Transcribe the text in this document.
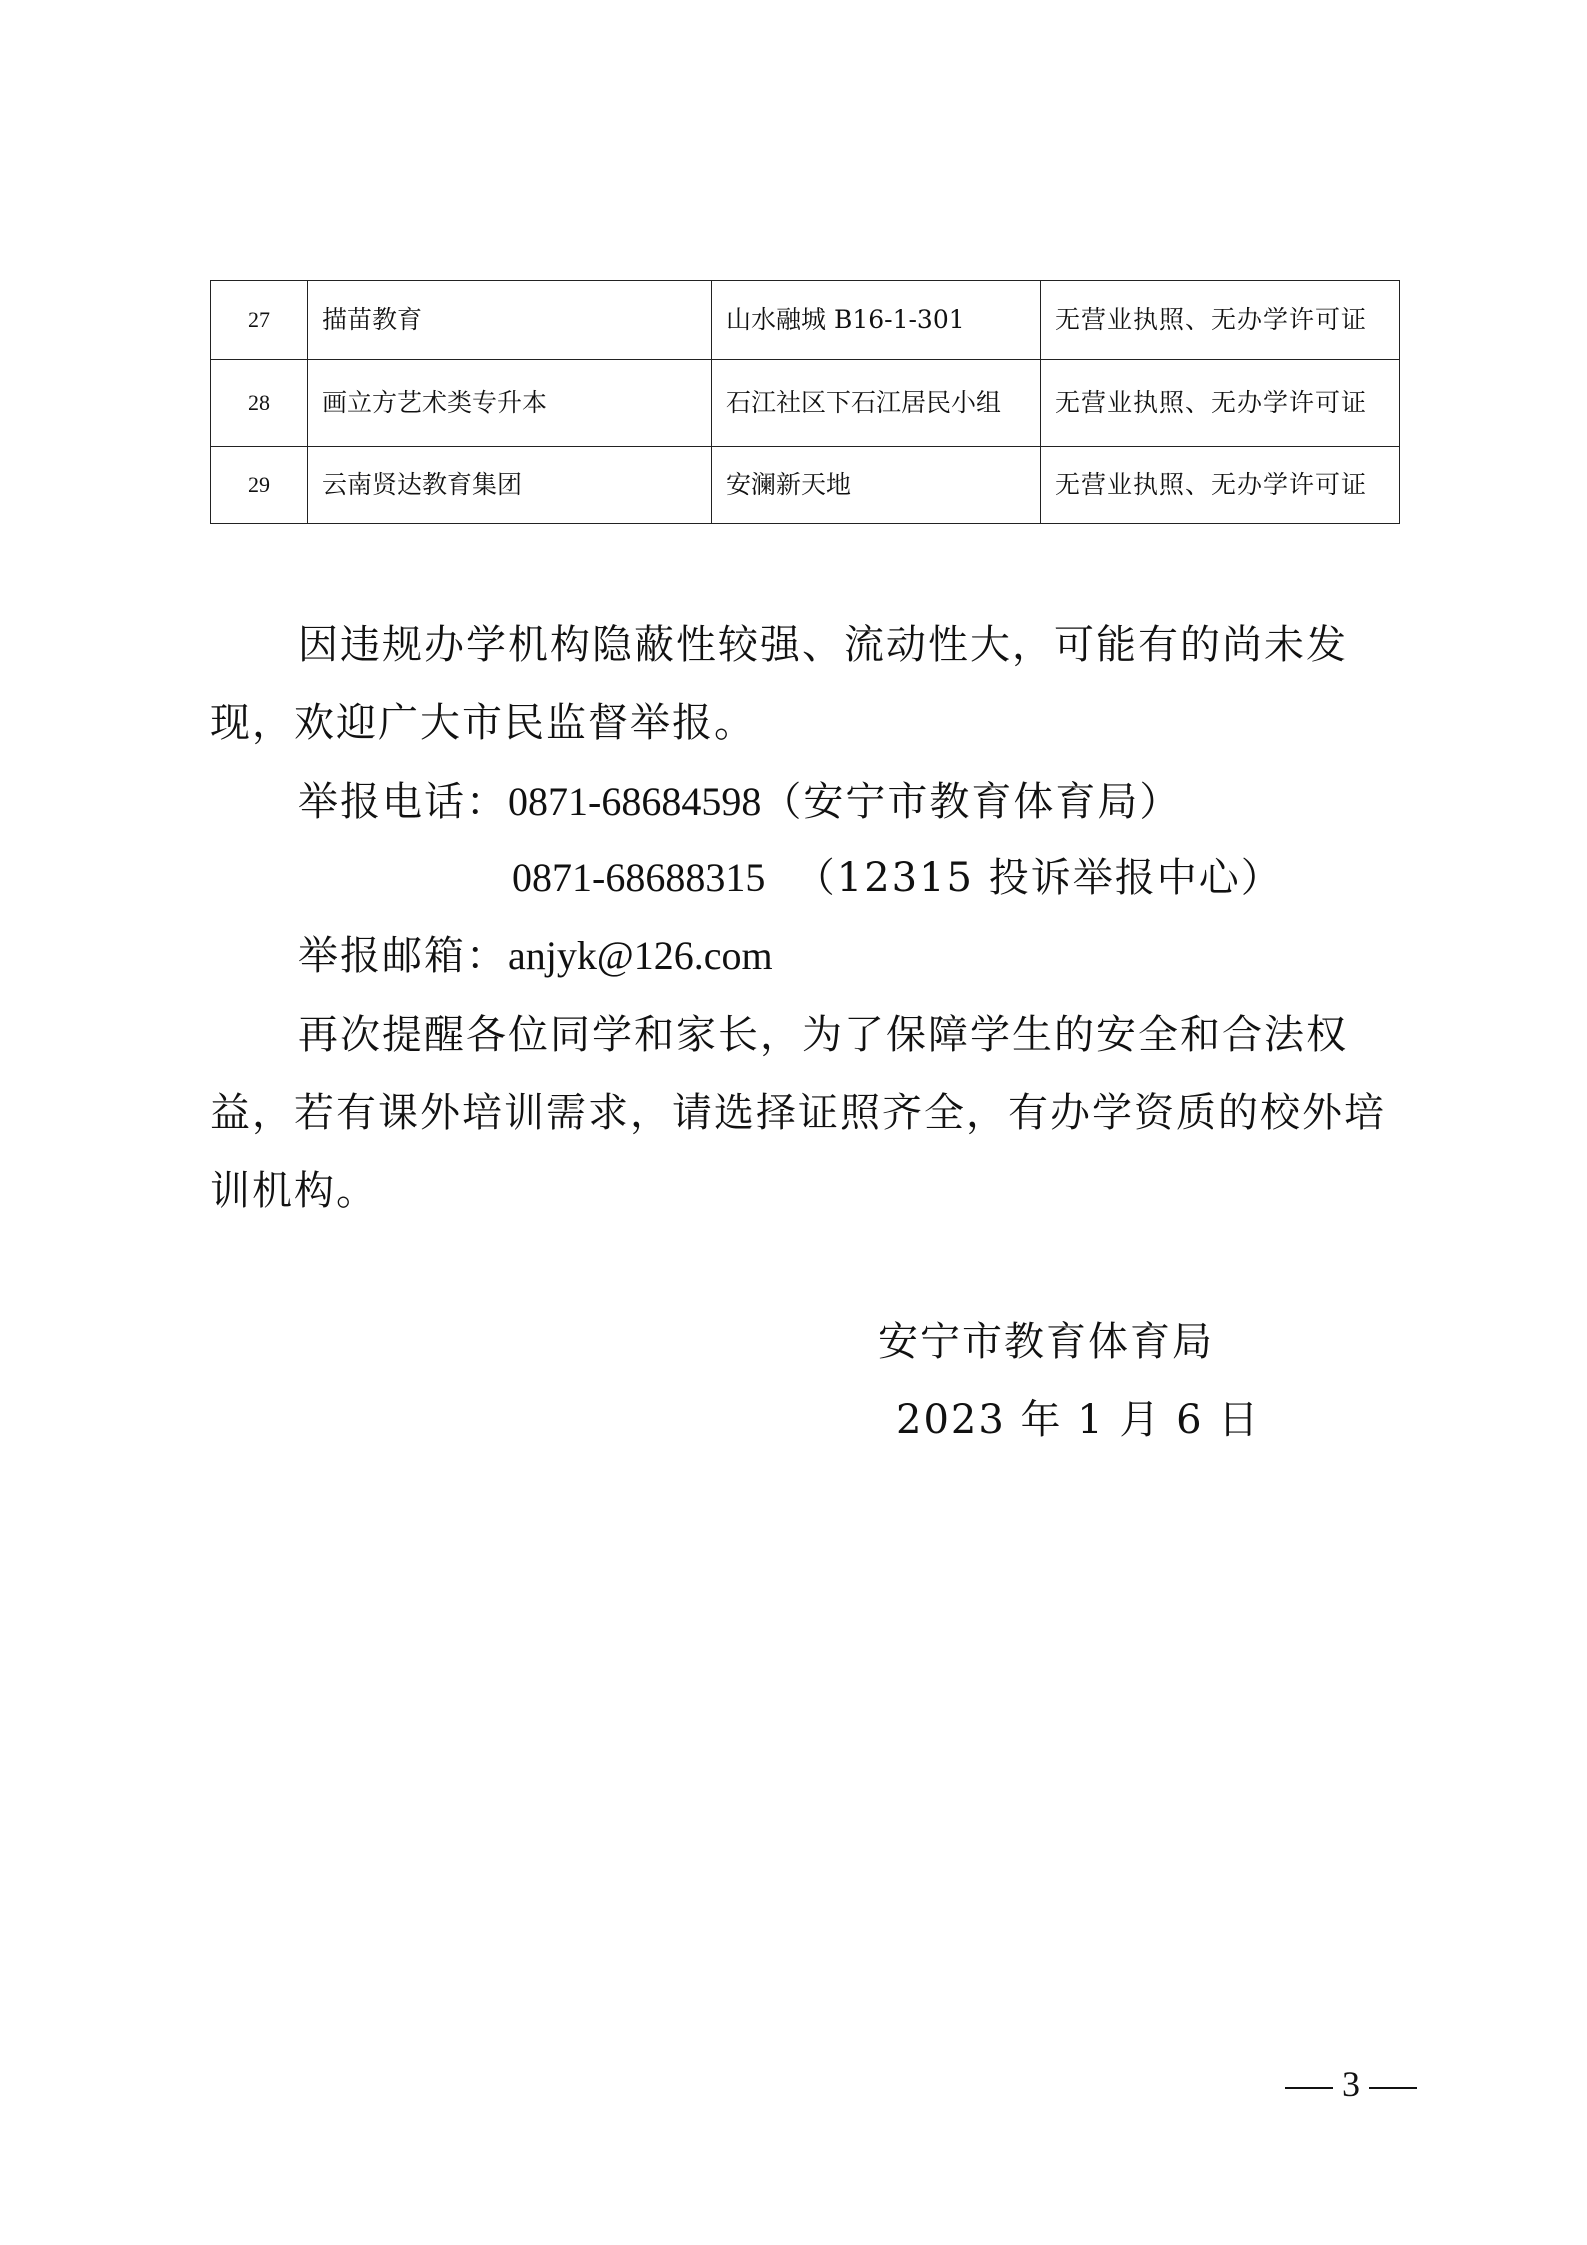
27	描苗教育	山水融城 B16-1-301	无营业执照、无办学许可证
28	画立方艺术类专升本	石江社区下石江居民小组	无营业执照、无办学许可证
29	云南贤达教育集团	安澜新天地	无营业执照、无办学许可证

因违规办学机构隐蔽性较强、流动性大，可能有的尚未发现，欢迎广大市民监督举报。

举报电话：0871-68684598（安宁市教育体育局）
0871-68688315 （12315 投诉举报中心）
举报邮箱：anjyk@126.com

再次提醒各位同学和家长，为了保障学生的安全和合法权益，若有课外培训需求，请选择证照齐全，有办学资质的校外培训机构。

安宁市教育体育局
2023 年 1 月 6 日
3
